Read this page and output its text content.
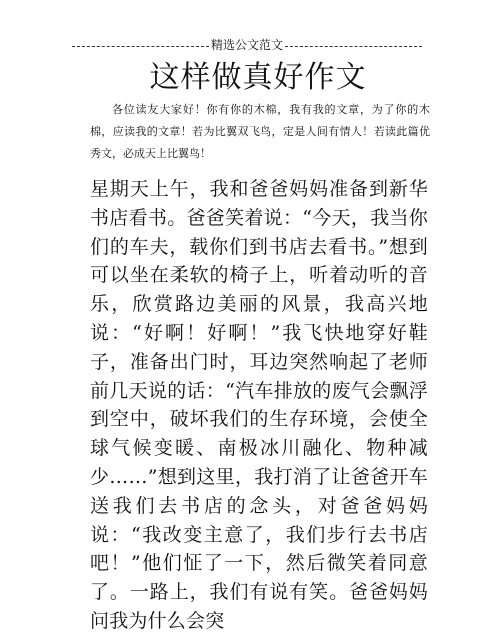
精选公文范文
这样做真好作文

各位读友大家好！你有你的木棉，我有我的文章，为了你的木棉，应读我的文章！若为比翼双飞鸟，定是人间有情人！若读此篇优秀文，必成天上比翼鸟！

星期天上午，我和爸爸妈妈准备到新华书店看书。爸爸笑着说：“今天，我当你们的车夫，载你们到书店去看书。”想到可以坐在柔软的椅子上，听着动听的音乐，欣赏路边美丽的风景，我高兴地说：“好啊！好啊！”我飞快地穿好鞋子，准备出门时，耳边突然响起了老师前几天说的话：“汽车排放的废气会飘浮到空中，破坏我们的生存环境，会使全球气候变暖、南极冰川融化、物种减少……”想到这里，我打消了让爸爸开车送我们去书店的念头，对爸爸妈妈说：“我改变主意了，我们步行去书店吧！”他们怔了一下，然后微笑着同意了。一路上，我们有说有笑。爸爸妈妈问我为什么会突
